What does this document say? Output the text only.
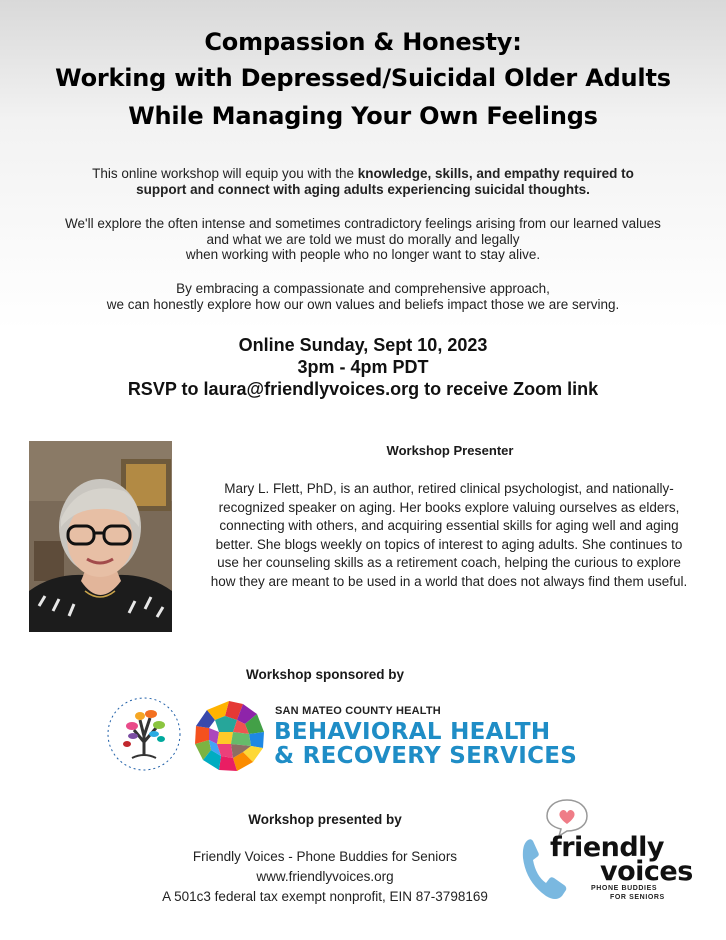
Compassion & Honesty:
Working with Depressed/Suicidal Older Adults
While Managing Your Own Feelings
This online workshop will equip you with the knowledge, skills, and empathy required to
support and connect with aging adults experiencing suicidal thoughts.
We'll explore the often intense and sometimes contradictory feelings arising from our learned values
and what we are told we must do morally and legally
when working with people who no longer want to stay alive.
By embracing a compassionate and comprehensive approach,
we can honestly explore how our own values and beliefs impact those we are serving.
Online Sunday, Sept 10, 2023
3pm - 4pm PDT
RSVP to laura@friendlyvoices.org to receive Zoom link
Workshop Presenter
Mary L. Flett, PhD, is an author, retired clinical psychologist, and nationally-recognized speaker on aging. Her books explore valuing ourselves as elders, connecting with others, and acquiring essential skills for aging well and aging better. She blogs weekly on topics of interest to aging adults. She continues to use her counseling skills as a retirement coach, helping the curious to explore how they are meant to be used in a world that does not always find them useful.
Workshop sponsored by
SAN MATEO COUNTY HEALTH
BEHAVIORAL HEALTH
& RECOVERY SERVICES
Workshop presented by
Friendly Voices - Phone Buddies for Seniors
www.friendlyvoices.org
A 501c3 federal tax exempt nonprofit, EIN 87-3798169
friendly
voices
PHONE BUDDIES
FOR SENIORS
